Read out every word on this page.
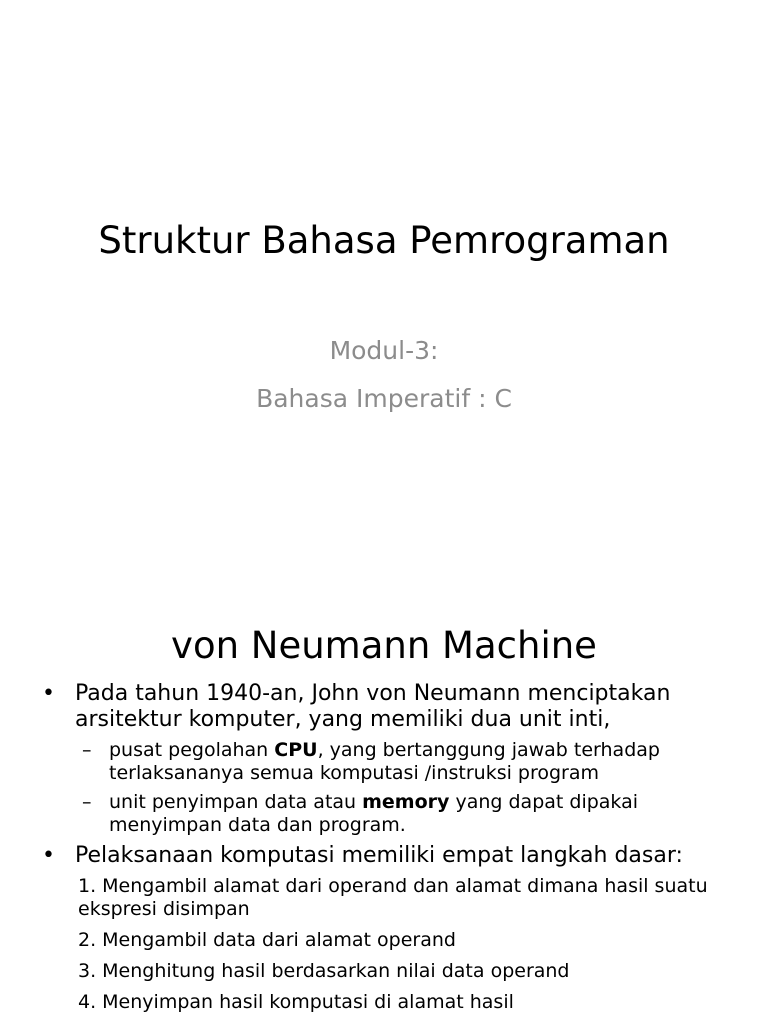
Struktur Bahasa Pemrograman

Modul-3:

Bahasa Imperatif : C

von Neumann Machine
• Pada tahun 1940-an, John von Neumann menciptakan arsitektur komputer, yang memiliki dua unit inti,
– pusat pegolahan CPU, yang bertanggung jawab terhadap terlaksananya semua komputasi /instruksi program
– unit penyimpan data atau memory yang dapat dipakai menyimpan data dan program.
• Pelaksanaan komputasi memiliki empat langkah dasar:

1. Mengambil alamat dari operand dan alamat dimana hasil suatu ekspresi disimpan

2. Mengambil data dari alamat operand

3. Menghitung hasil berdasarkan nilai data operand

4. Menyimpan hasil komputasi di alamat hasil
